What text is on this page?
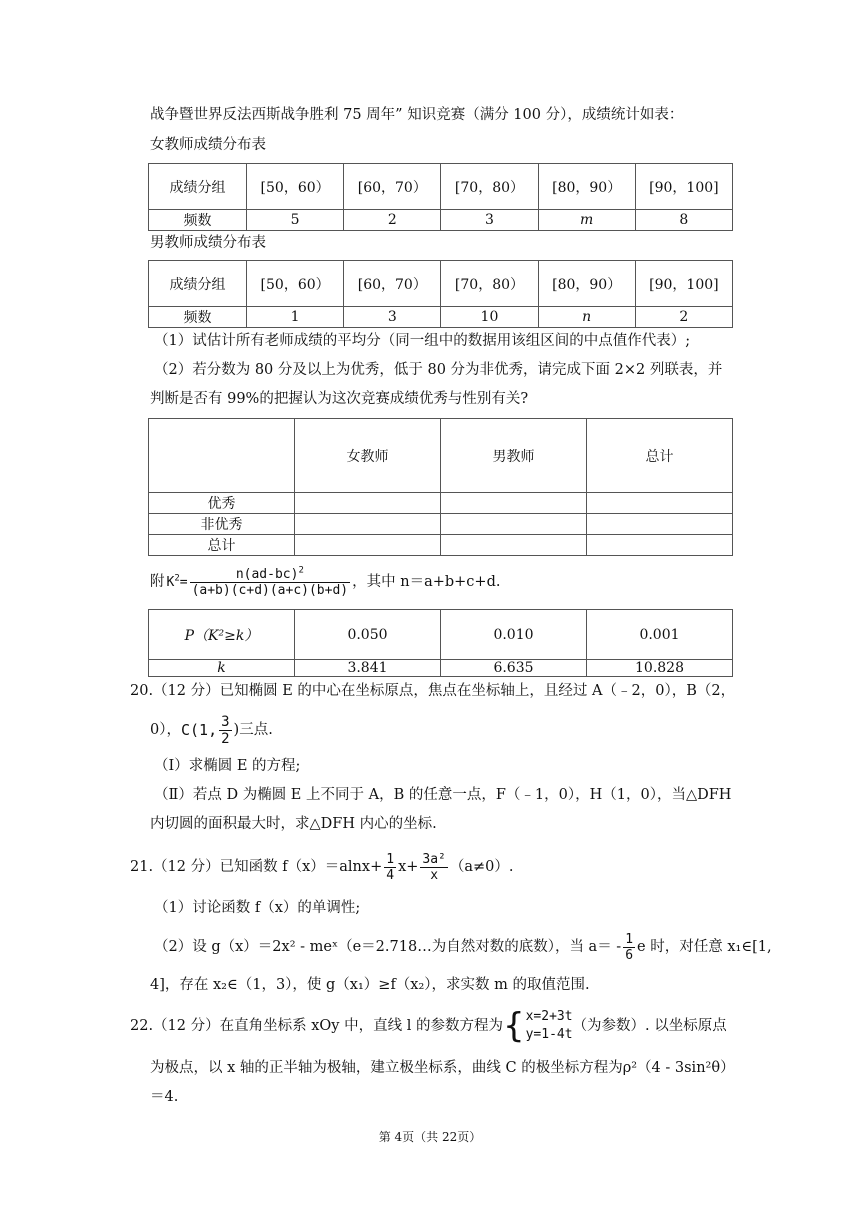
战争暨世界反法西斯战争胜利 75 周年” 知识竞赛（满分 100 分），成绩统计如表：
女教师成绩分布表
成绩分组	[50，60）	[60，70）	[70，80）	[80，90）	[90，100]
频数	5	2	3	m	8
男教师成绩分布表
成绩分组	[50，60）	[60，70）	[70，80）	[80，90）	[90，100]
频数	1	3	10	n	2
（1）试估计所有老师成绩的平均分（同一组中的数据用该组区间的中点值作代表）;
（2）若分数为 80 分及以上为优秀，低于 80 分为非优秀，请完成下面 2×2 列联表，并
判断是否有 99%的把握认为这次竞赛成绩优秀与性别有关?
	女教师	男教师	总计
优秀			
非优秀			
总计			
附 $K^2= \frac{n(ad-bc)^2}{(a+b)(c+d)(a+c)(b+d)}$ ，其中 n＝a+b+c+d.
P（K²≥k）	0.050	0.010	0.001
k	3.841	6.635	10.828
20.（12 分）已知椭圆 E 的中心在坐标原点，焦点在坐标轴上，且经过 A（﹣2，0），B（2，
0）， C(1, $\frac{3}{2}$ )三点.
（Ⅰ）求椭圆 E 的方程;
（Ⅱ）若点 D 为椭圆 E 上不同于 A，B 的任意一点，F（﹣1，0），H（1，0），当△DFH
内切圆的面积最大时，求△DFH 内心的坐标.
21.（12 分）已知函数 $f(x)=alnx+ \frac{1}{4} x+ \frac{\text{3a²}}{x} (a\ne 0)$.
（1）讨论函数 f（x）的单调性;
（2）设 g（x）＝2x² - meˣ（e＝2.718…为自然对数的底数），当 $a= - \frac{1}{6}$ e 时，对任意 x₁∈[1,
4]，存在 x₂∈（1，3），使 g（x₁）≥f（x₂），求实数 m 的取值范围.
22.（12 分）在直角坐标系 xOy 中，直线 l 的参数方程为 { x=2+3t
y=1-4t
（为参数）. 以坐标原点
为极点，以 x 轴的正半轴为极轴，建立极坐标系，曲线 C 的极坐标方程为ρ²（4 - 3sin²θ）
＝4.
第 4页（共 22页）
